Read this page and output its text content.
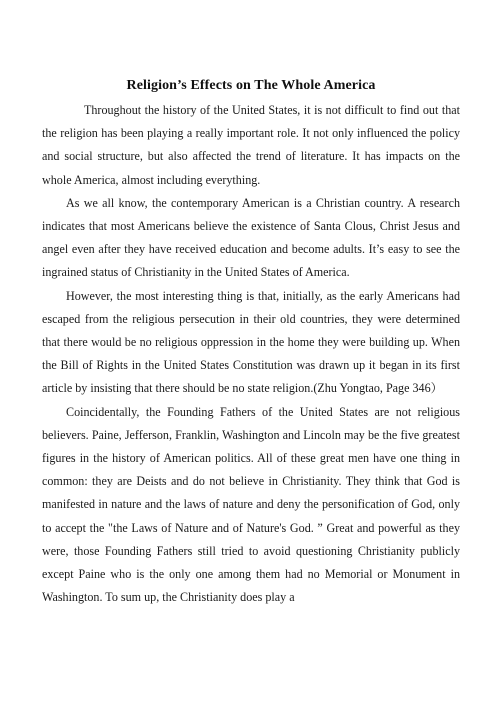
Religion’s Effects on The Whole America

Throughout the history of the United States, it is not difficult to find out that the religion has been playing a really important role. It not only influenced the policy and social structure, but also affected the trend of literature. It has impacts on the whole America, almost including everything.

As we all know, the contemporary American is a Christian country. A research indicates that most Americans believe the existence of Santa Clous, Christ Jesus and angel even after they have received education and become adults. It’s easy to see the ingrained status of Christianity in the United States of America.

However, the most interesting thing is that, initially, as the early Americans had escaped from the religious persecution in their old countries, they were determined that there would be no religious oppression in the home they were building up. When the Bill of Rights in the United States Constitution was drawn up it began in its first article by insisting that there should be no state religion.(Zhu Yongtao, Page 346）

Coincidentally, the Founding Fathers of the United States are not religious believers. Paine, Jefferson, Franklin, Washington and Lincoln may be the five greatest figures in the history of American politics. All of these great men have one thing in common: they are Deists and do not believe in Christianity. They think that God is manifested in nature and the laws of nature and deny the personification of God, only to accept the "the Laws of Nature and of Nature's God. ” Great and powerful as they were, those Founding Fathers still tried to avoid questioning Christianity publicly except Paine who is the only one among them had no Memorial or Monument in Washington. To sum up, the Christianity does play a
